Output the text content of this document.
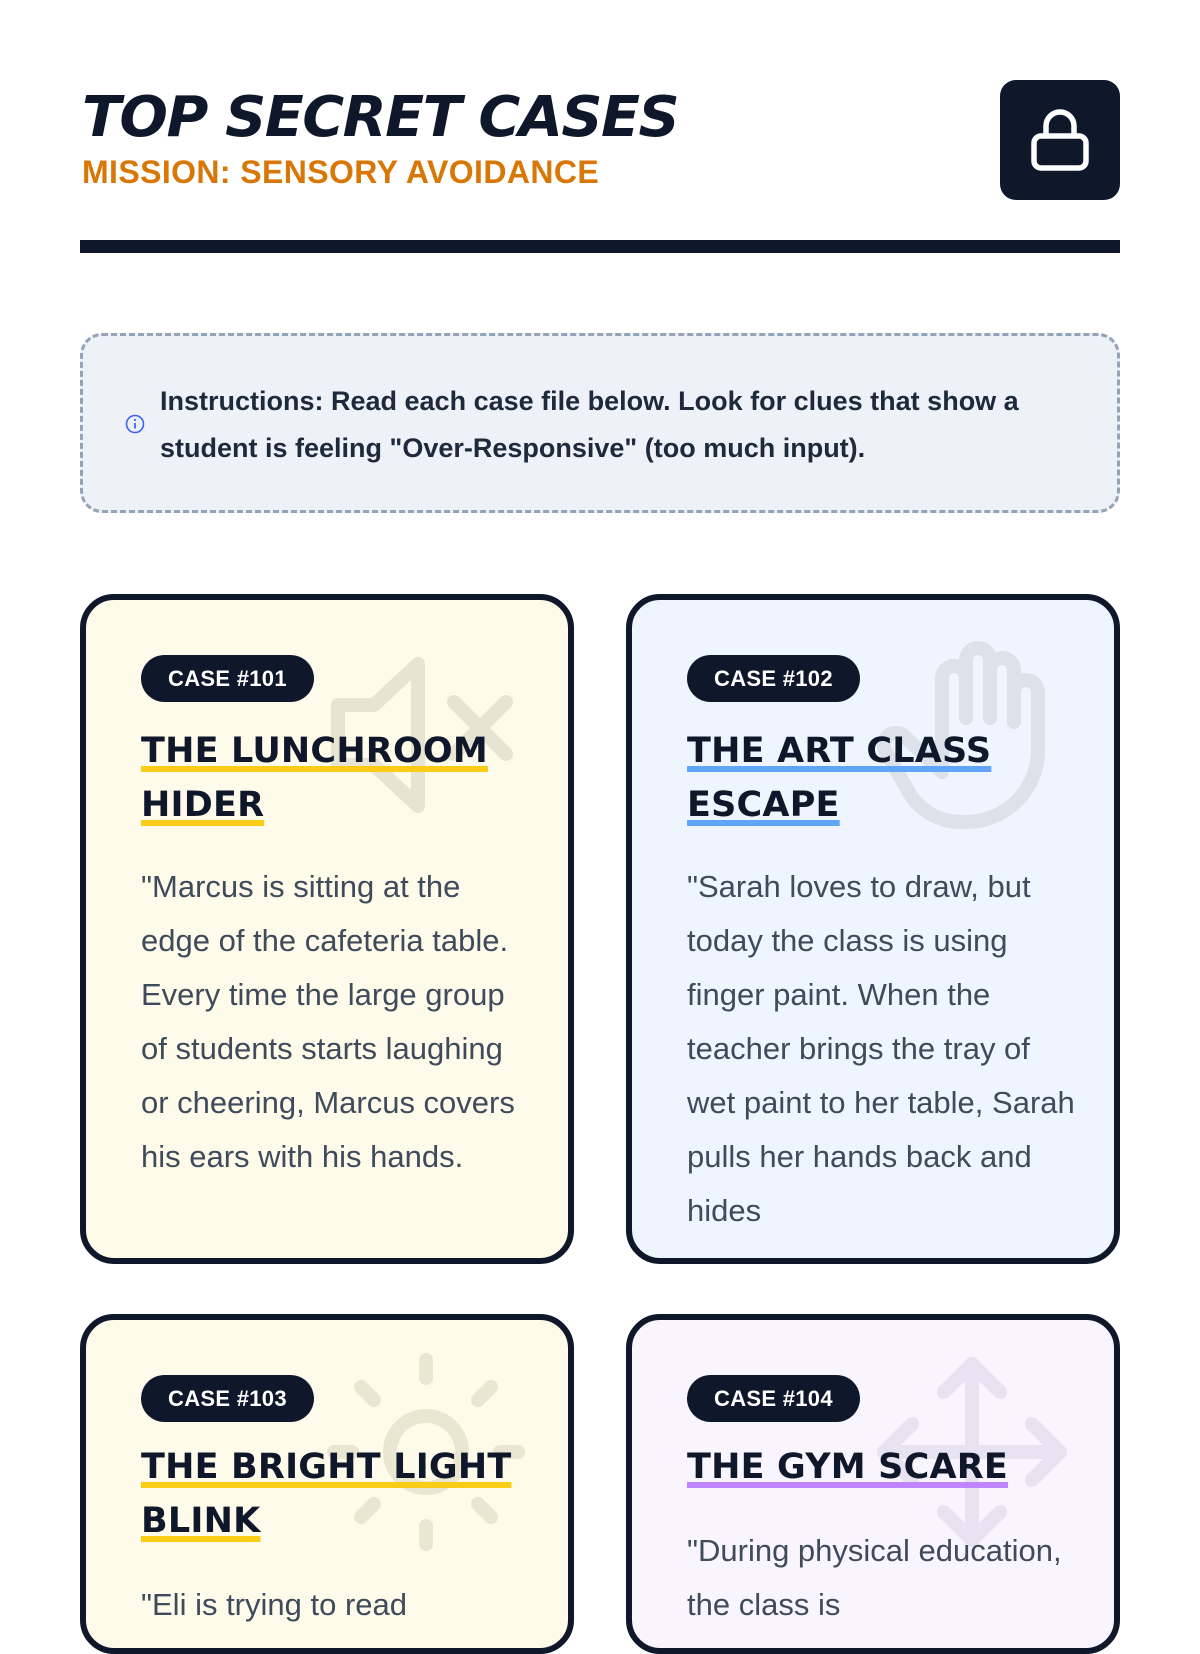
TOP SECRET CASES
MISSION: SENSORY AVOIDANCE
Instructions: Read each case file below. Look for clues that show a student is feeling "Over-Responsive" (too much input).
CASE #101
THE LUNCHROOM HIDER
"Marcus is sitting at the edge of the cafeteria table. Every time the large group of students starts laughing or cheering, Marcus covers his ears with his hands.
CASE #102
THE ART CLASS ESCAPE
"Sarah loves to draw, but today the class is using finger paint. When the teacher brings the tray of wet paint to her table, Sarah pulls her hands back and hides
CASE #103
THE BRIGHT LIGHT BLINK
"Eli is trying to read
CASE #104
THE GYM SCARE
"During physical education, the class is
